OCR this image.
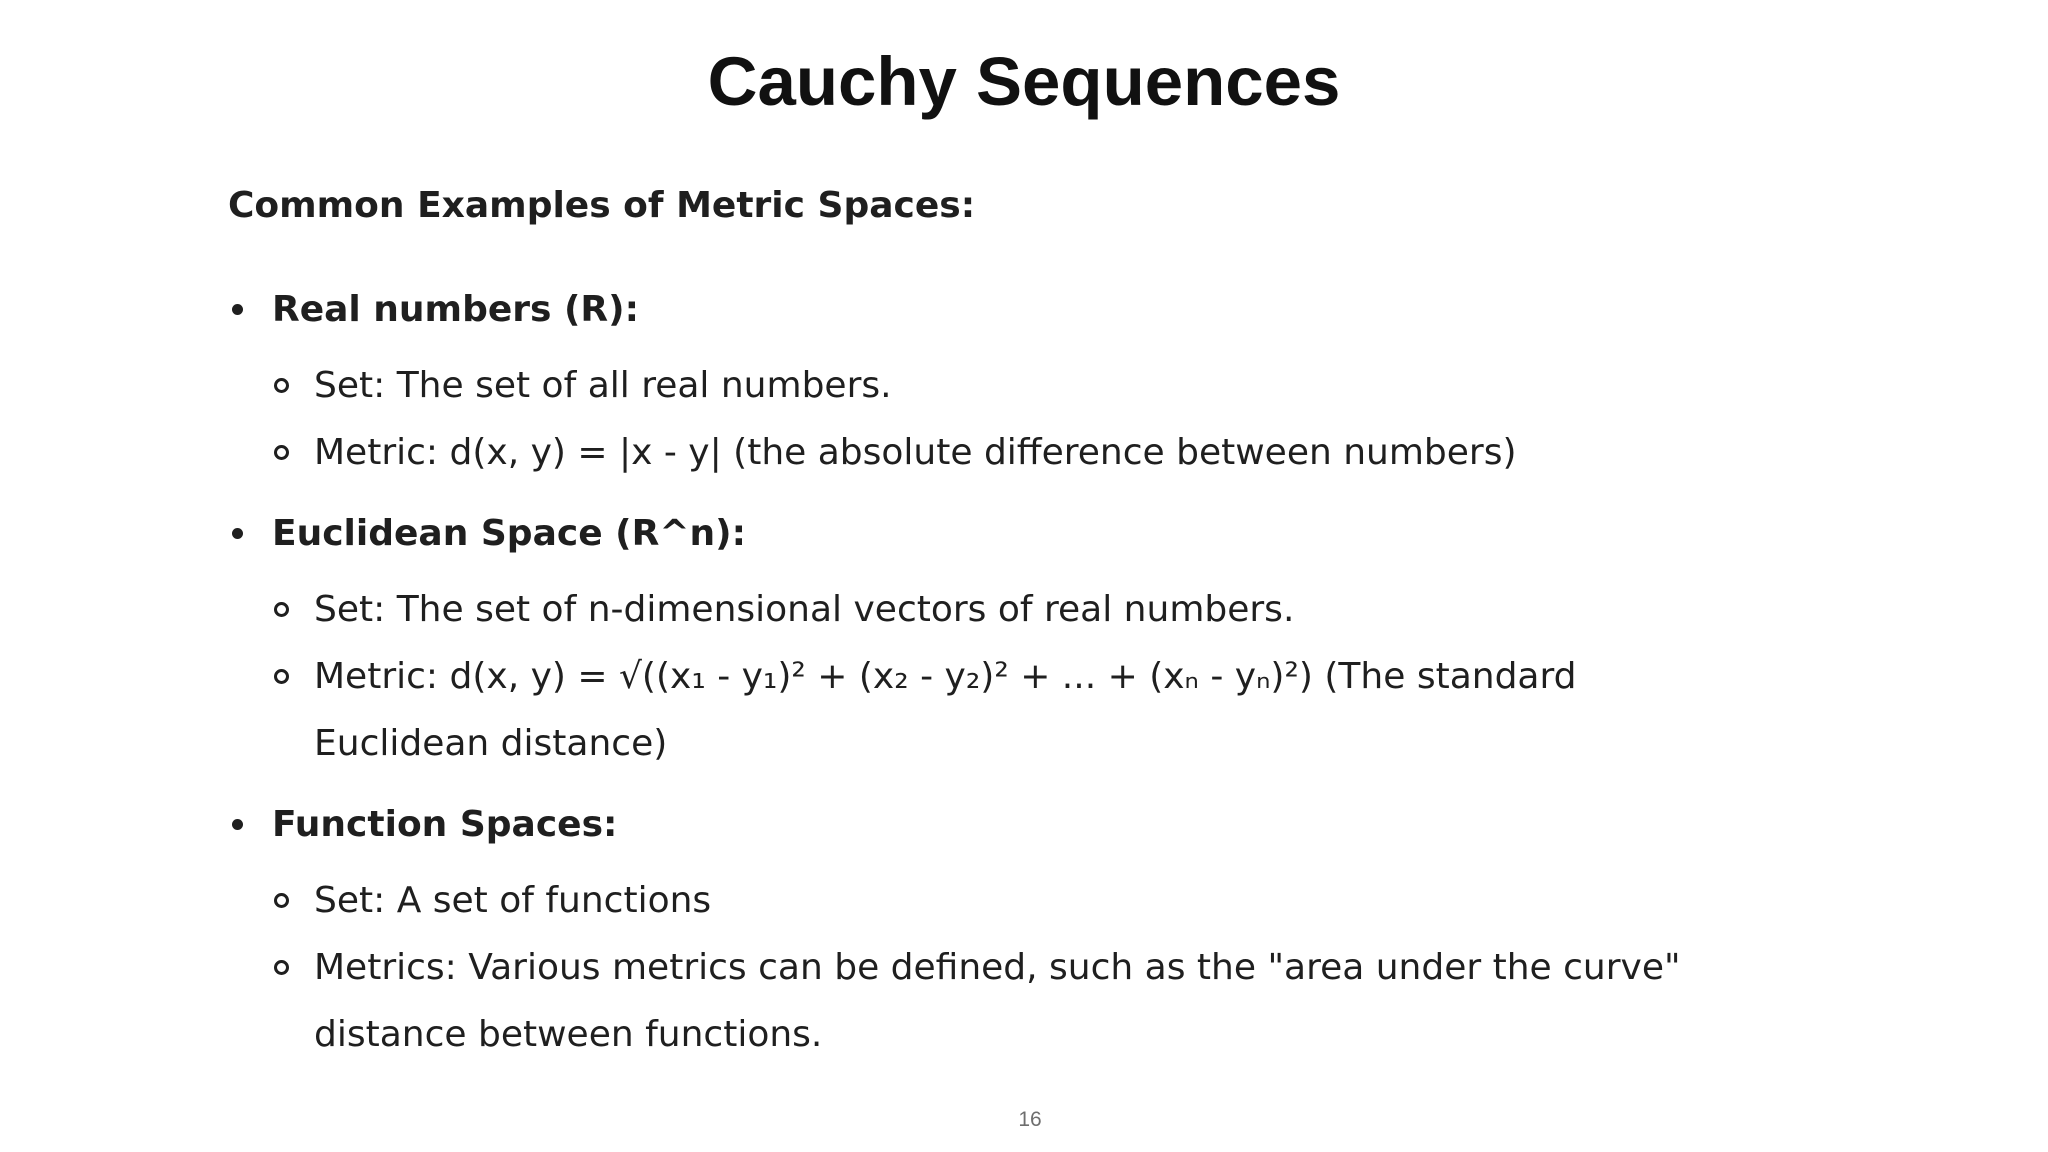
Cauchy Sequences
Common Examples of Metric Spaces:
Real numbers (R):
Set: The set of all real numbers.
Metric: d(x, y) = |x - y| (the absolute difference between numbers)
Euclidean Space (R^n):
Set: The set of n-dimensional vectors of real numbers.
Metric: d(x, y) = √((x₁ - y₁)² + (x₂ - y₂)² + ... + (xₙ - yₙ)²) (The standard Euclidean distance)
Function Spaces:
Set: A set of functions
Metrics: Various metrics can be defined, such as the "area under the curve" distance between functions.
16
